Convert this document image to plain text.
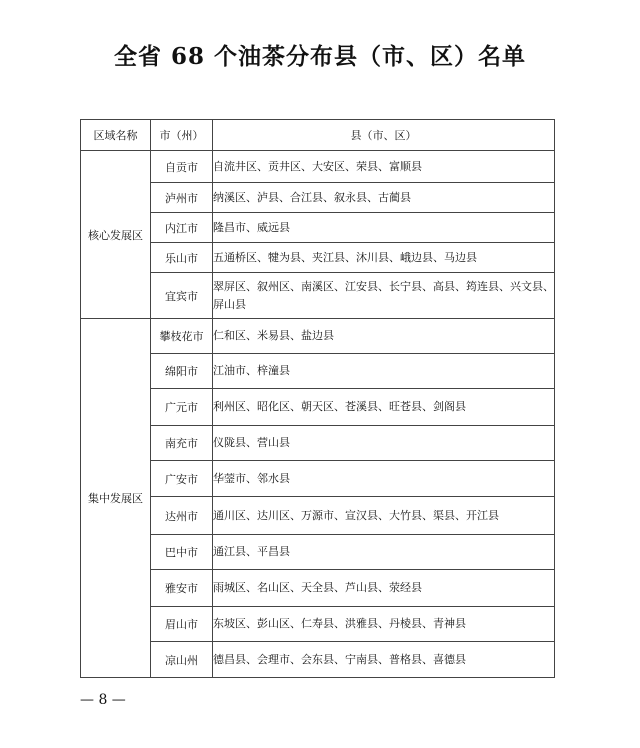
全省 68 个油茶分布县（市、区）名单
区域名称	市（州）	县（市、区）
核心发展区	自贡市	自流井区、贡井区、大安区、荣县、富顺县
	泸州市	纳溪区、泸县、合江县、叙永县、古蔺县
	内江市	隆昌市、威远县
	乐山市	五通桥区、犍为县、夹江县、沐川县、峨边县、马边县
	宜宾市	翠屏区、叙州区、南溪区、江安县、长宁县、高县、筠连县、兴文县、屏山县
集中发展区	攀枝花市	仁和区、米易县、盐边县
	绵阳市	江油市、梓潼县
	广元市	利州区、昭化区、朝天区、苍溪县、旺苍县、剑阁县
	南充市	仪陇县、营山县
	广安市	华蓥市、邻水县
	达州市	通川区、达川区、万源市、宣汉县、大竹县、渠县、开江县
	巴中市	通江县、平昌县
	雅安市	雨城区、名山区、天全县、芦山县、荥经县
	眉山市	东坡区、彭山区、仁寿县、洪雅县、丹棱县、青神县
	凉山州	德昌县、会理市、会东县、宁南县、普格县、喜德县
— 8 —
